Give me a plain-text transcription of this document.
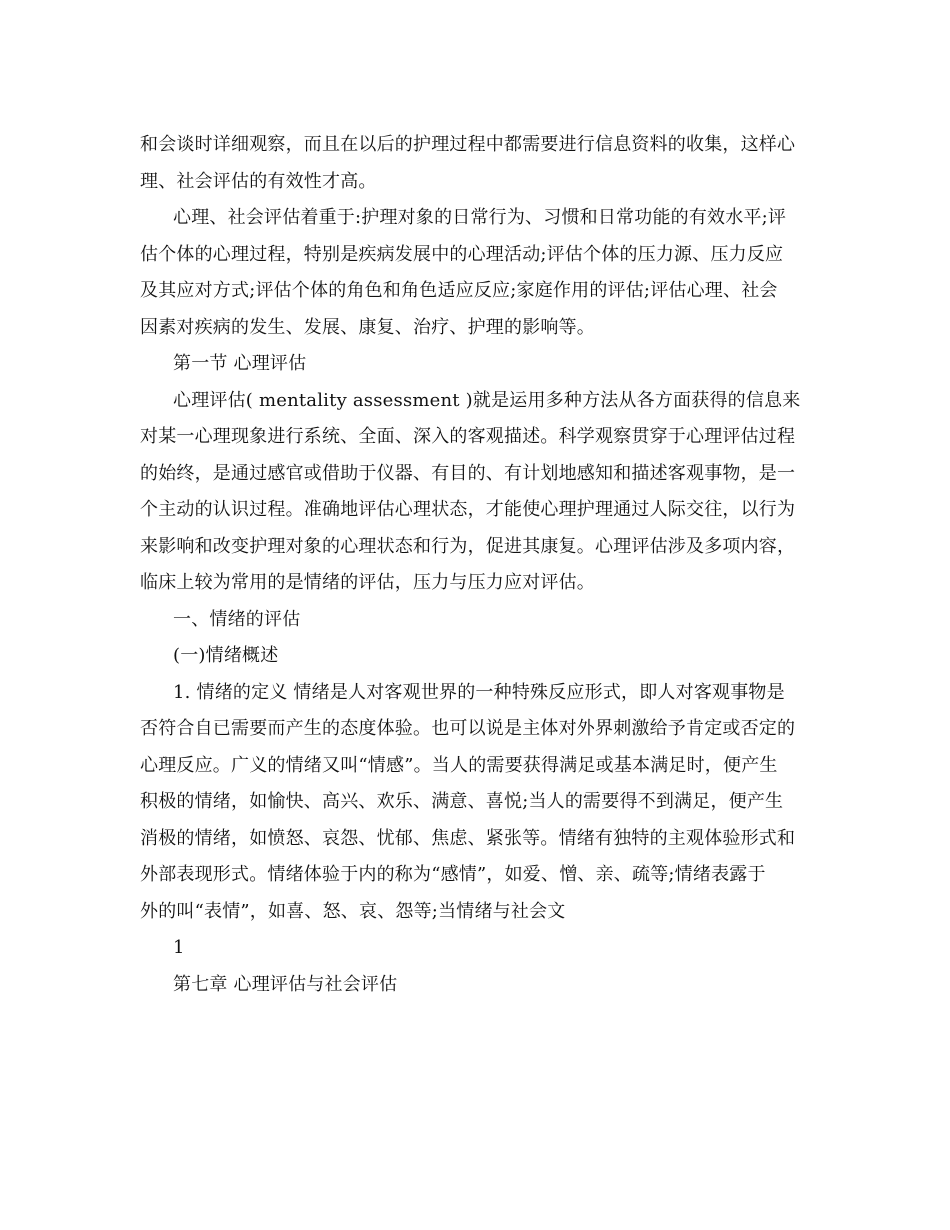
和会谈时详细观察，而且在以后的护理过程中都需要进行信息资料的收集，这样心
理、社会评估的有效性才高。
心理、社会评估着重于:护理对象的日常行为、习惯和日常功能的有效水平;评
估个体的心理过程，特别是疾病发展中的心理活动;评估个体的压力源、压力反应
及其应对方式;评估个体的角色和角色适应反应;家庭作用的评估;评估心理、社会
因素对疾病的发生、发展、康复、治疗、护理的影响等。
第一节 心理评估
心理评估( mentality assessment )就是运用多种方法从各方面获得的信息来
对某一心理现象进行系统、全面、深入的客观描述。科学观察贯穿于心理评估过程
的始终，是通过感官或借助于仪器、有目的、有计划地感知和描述客观事物，是一
个主动的认识过程。准确地评估心理状态，才能使心理护理通过人际交往，以行为
来影响和改变护理对象的心理状态和行为，促进其康复。心理评估涉及多项内容，
临床上较为常用的是情绪的评估，压力与压力应对评估。
一、情绪的评估
(一)情绪概述
1. 情绪的定义 情绪是人对客观世界的一种特殊反应形式，即人对客观事物是
否符合自已需要而产生的态度体验。也可以说是主体对外界刺激给予肯定或否定的
心理反应。广义的情绪又叫“情感”。当人的需要获得满足或基本满足时，便产生
积极的情绪，如愉快、高兴、欢乐、满意、喜悦;当人的需要得不到满足，便产生
消极的情绪，如愤怒、哀怨、忧郁、焦虑、紧张等。情绪有独特的主观体验形式和
外部表现形式。情绪体验于内的称为“感情”，如爱、憎、亲、疏等;情绪表露于
外的叫“表情”，如喜、怒、哀、怨等;当情绪与社会文
1
第七章 心理评估与社会评估
